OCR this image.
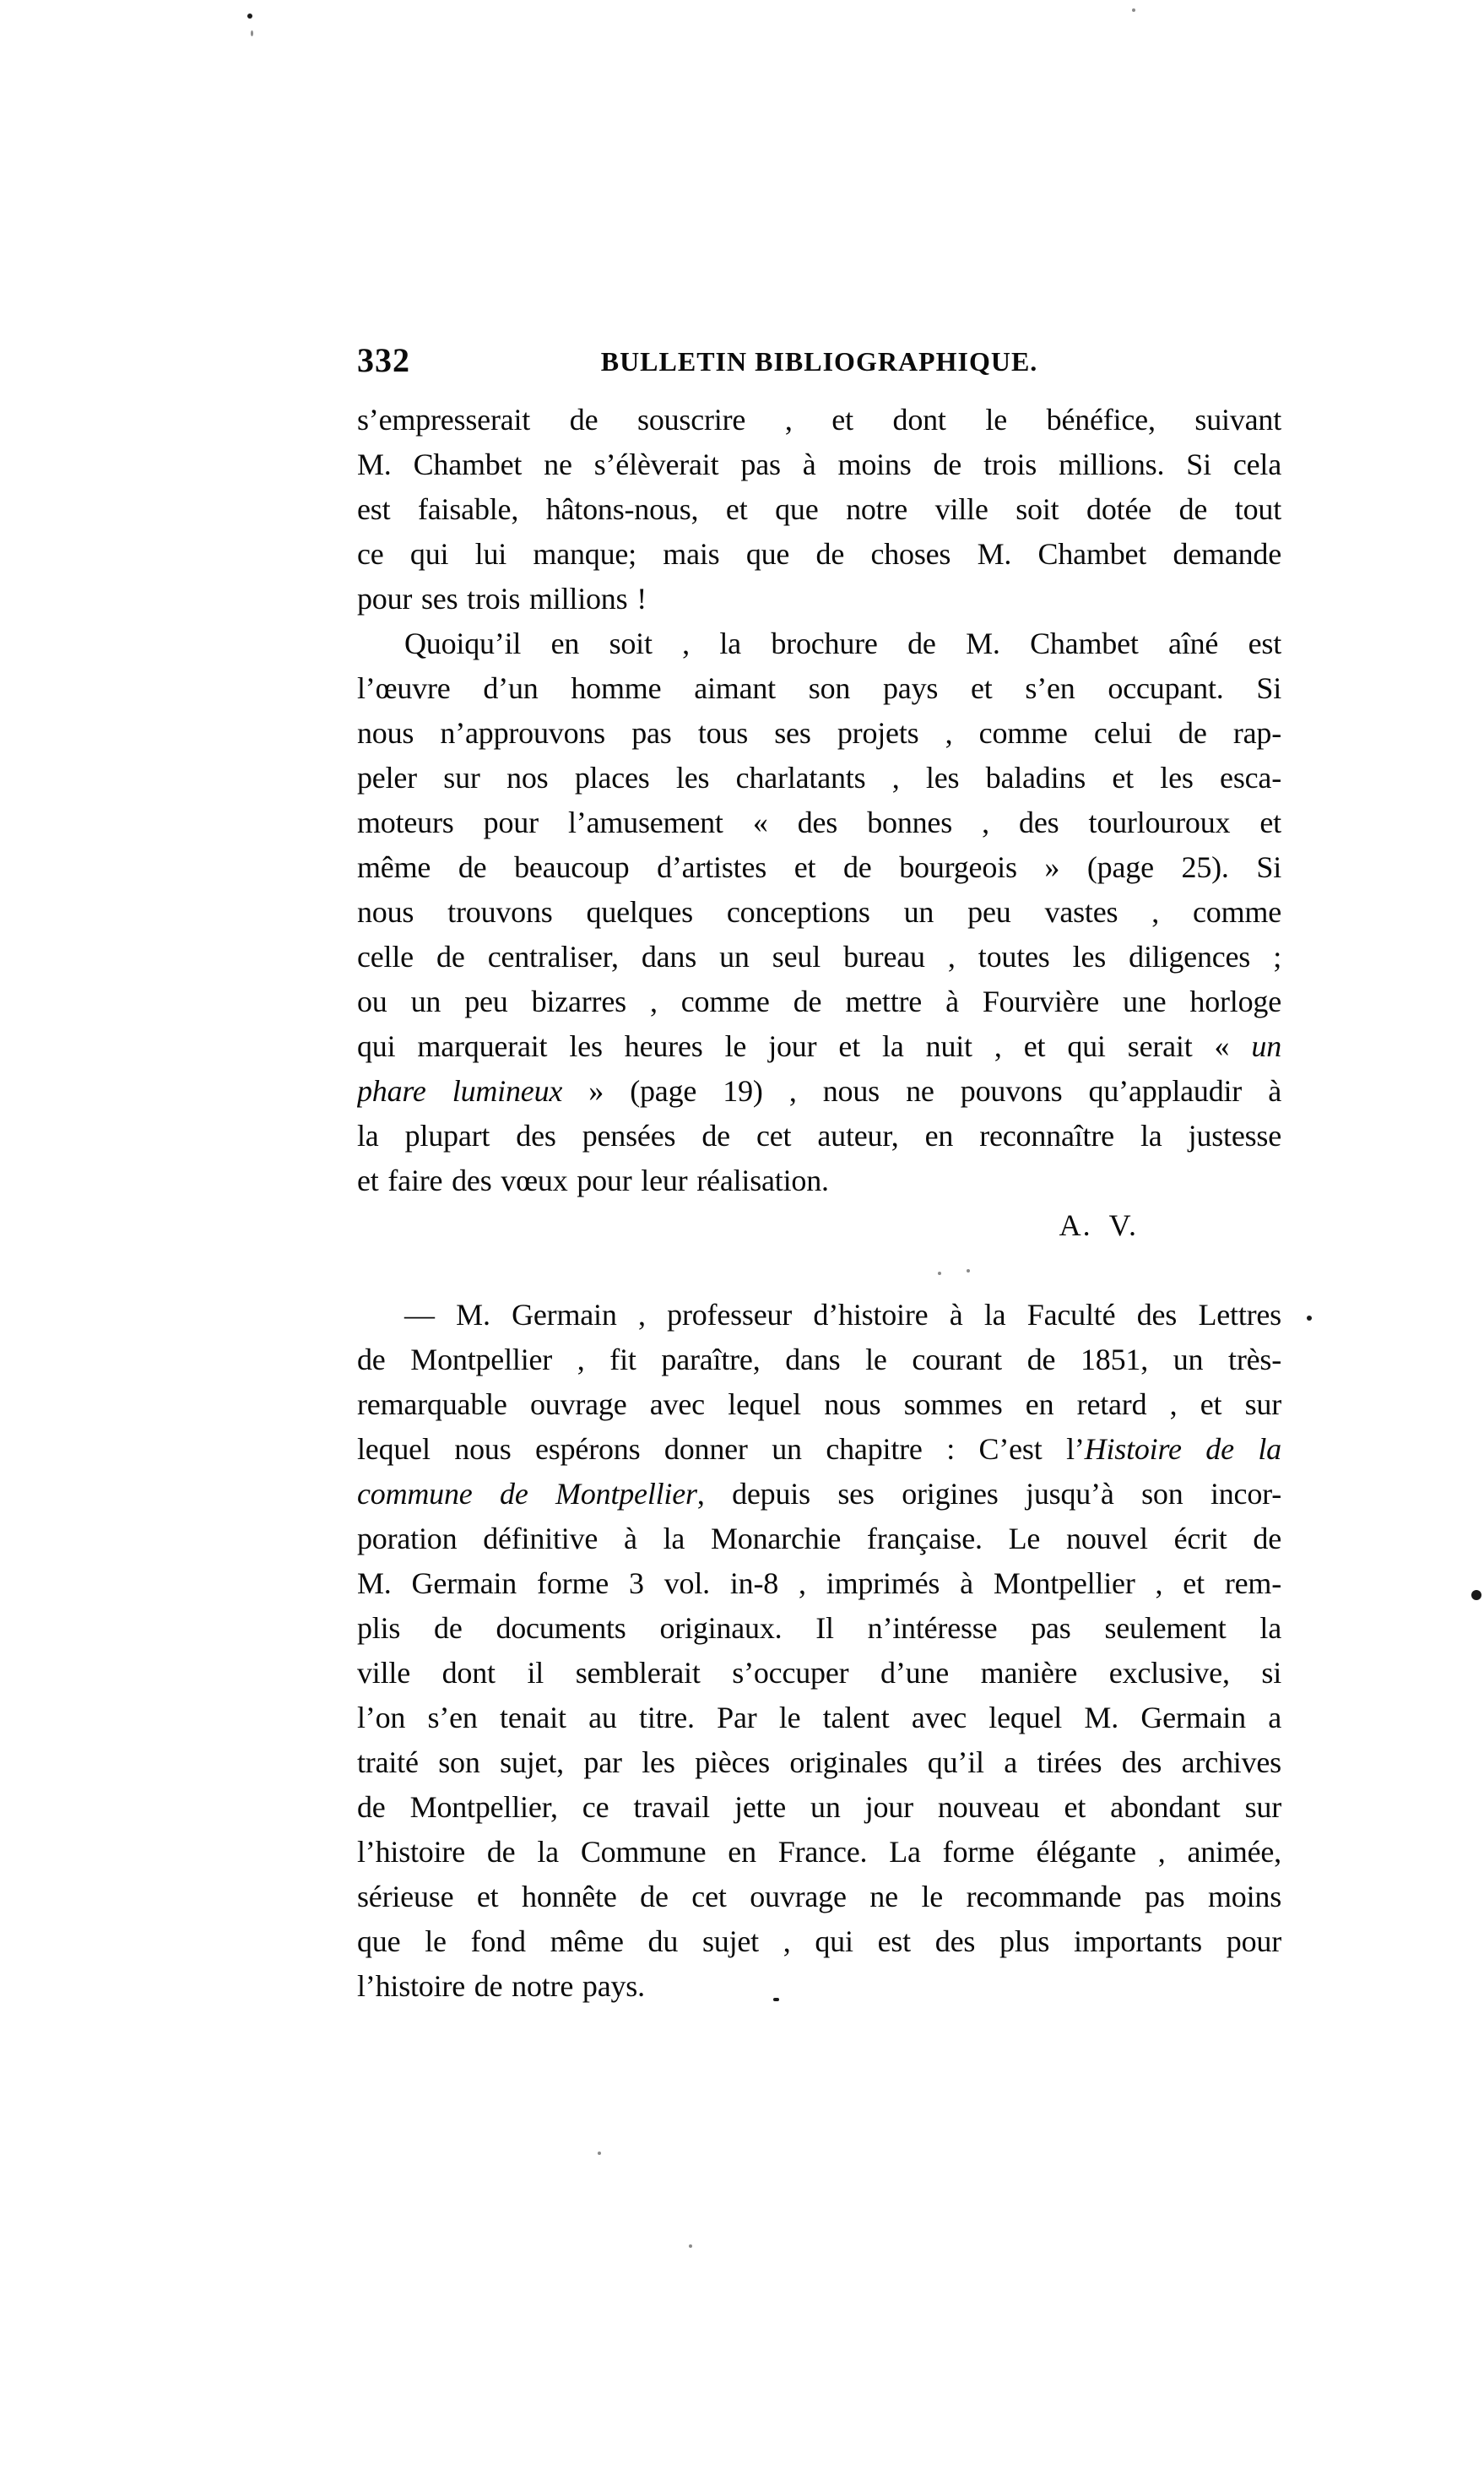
332	BULLETIN BIBLIOGRAPHIQUE.
s’empresserait de souscrire , et dont le bénéfice, suivant
M. Chambet ne s’élèverait pas à moins de trois millions. Si cela
est faisable, hâtons-nous, et que notre ville soit dotée de tout
ce qui lui manque; mais que de choses M. Chambet demande
pour ses trois millions !
Quoiqu’il en soit , la brochure de M. Chambet aîné est
l’œuvre d’un homme aimant son pays et s’en occupant. Si
nous n’approuvons pas tous ses projets , comme celui de rap-
peler sur nos places les charlatants , les baladins et les esca-
moteurs pour l’amusement « des bonnes , des tourlouroux et
même de beaucoup d’artistes et de bourgeois » (page 25). Si
nous trouvons quelques conceptions un peu vastes , comme
celle de centraliser, dans un seul bureau , toutes les diligences ;
ou un peu bizarres , comme de mettre à Fourvière une horloge
qui marquerait les heures le jour et la nuit , et qui serait « un
phare lumineux » (page 19) , nous ne pouvons qu’applaudir à
la plupart des pensées de cet auteur, en reconnaître la justesse
et faire des vœux pour leur réalisation.
A. V.
— M. Germain , professeur d’histoire à la Faculté des Lettres
de Montpellier , fit paraître, dans le courant de 1851, un très-
remarquable ouvrage avec lequel nous sommes en retard , et sur
lequel nous espérons donner un chapitre : C’est l’Histoire de la
commune de Montpellier, depuis ses origines jusqu’à son incor-
poration définitive à la Monarchie française. Le nouvel écrit de
M. Germain forme 3 vol. in-8 , imprimés à Montpellier , et rem-
plis de documents originaux. Il n’intéresse pas seulement la
ville dont il semblerait s’occuper d’une manière exclusive, si
l’on s’en tenait au titre. Par le talent avec lequel M. Germain a
traité son sujet, par les pièces originales qu’il a tirées des archives
de Montpellier, ce travail jette un jour nouveau et abondant sur
l’histoire de la Commune en France. La forme élégante , animée,
sérieuse et honnête de cet ouvrage ne le recommande pas moins
que le fond même du sujet , qui est des plus importants pour
l’histoire de notre pays.
